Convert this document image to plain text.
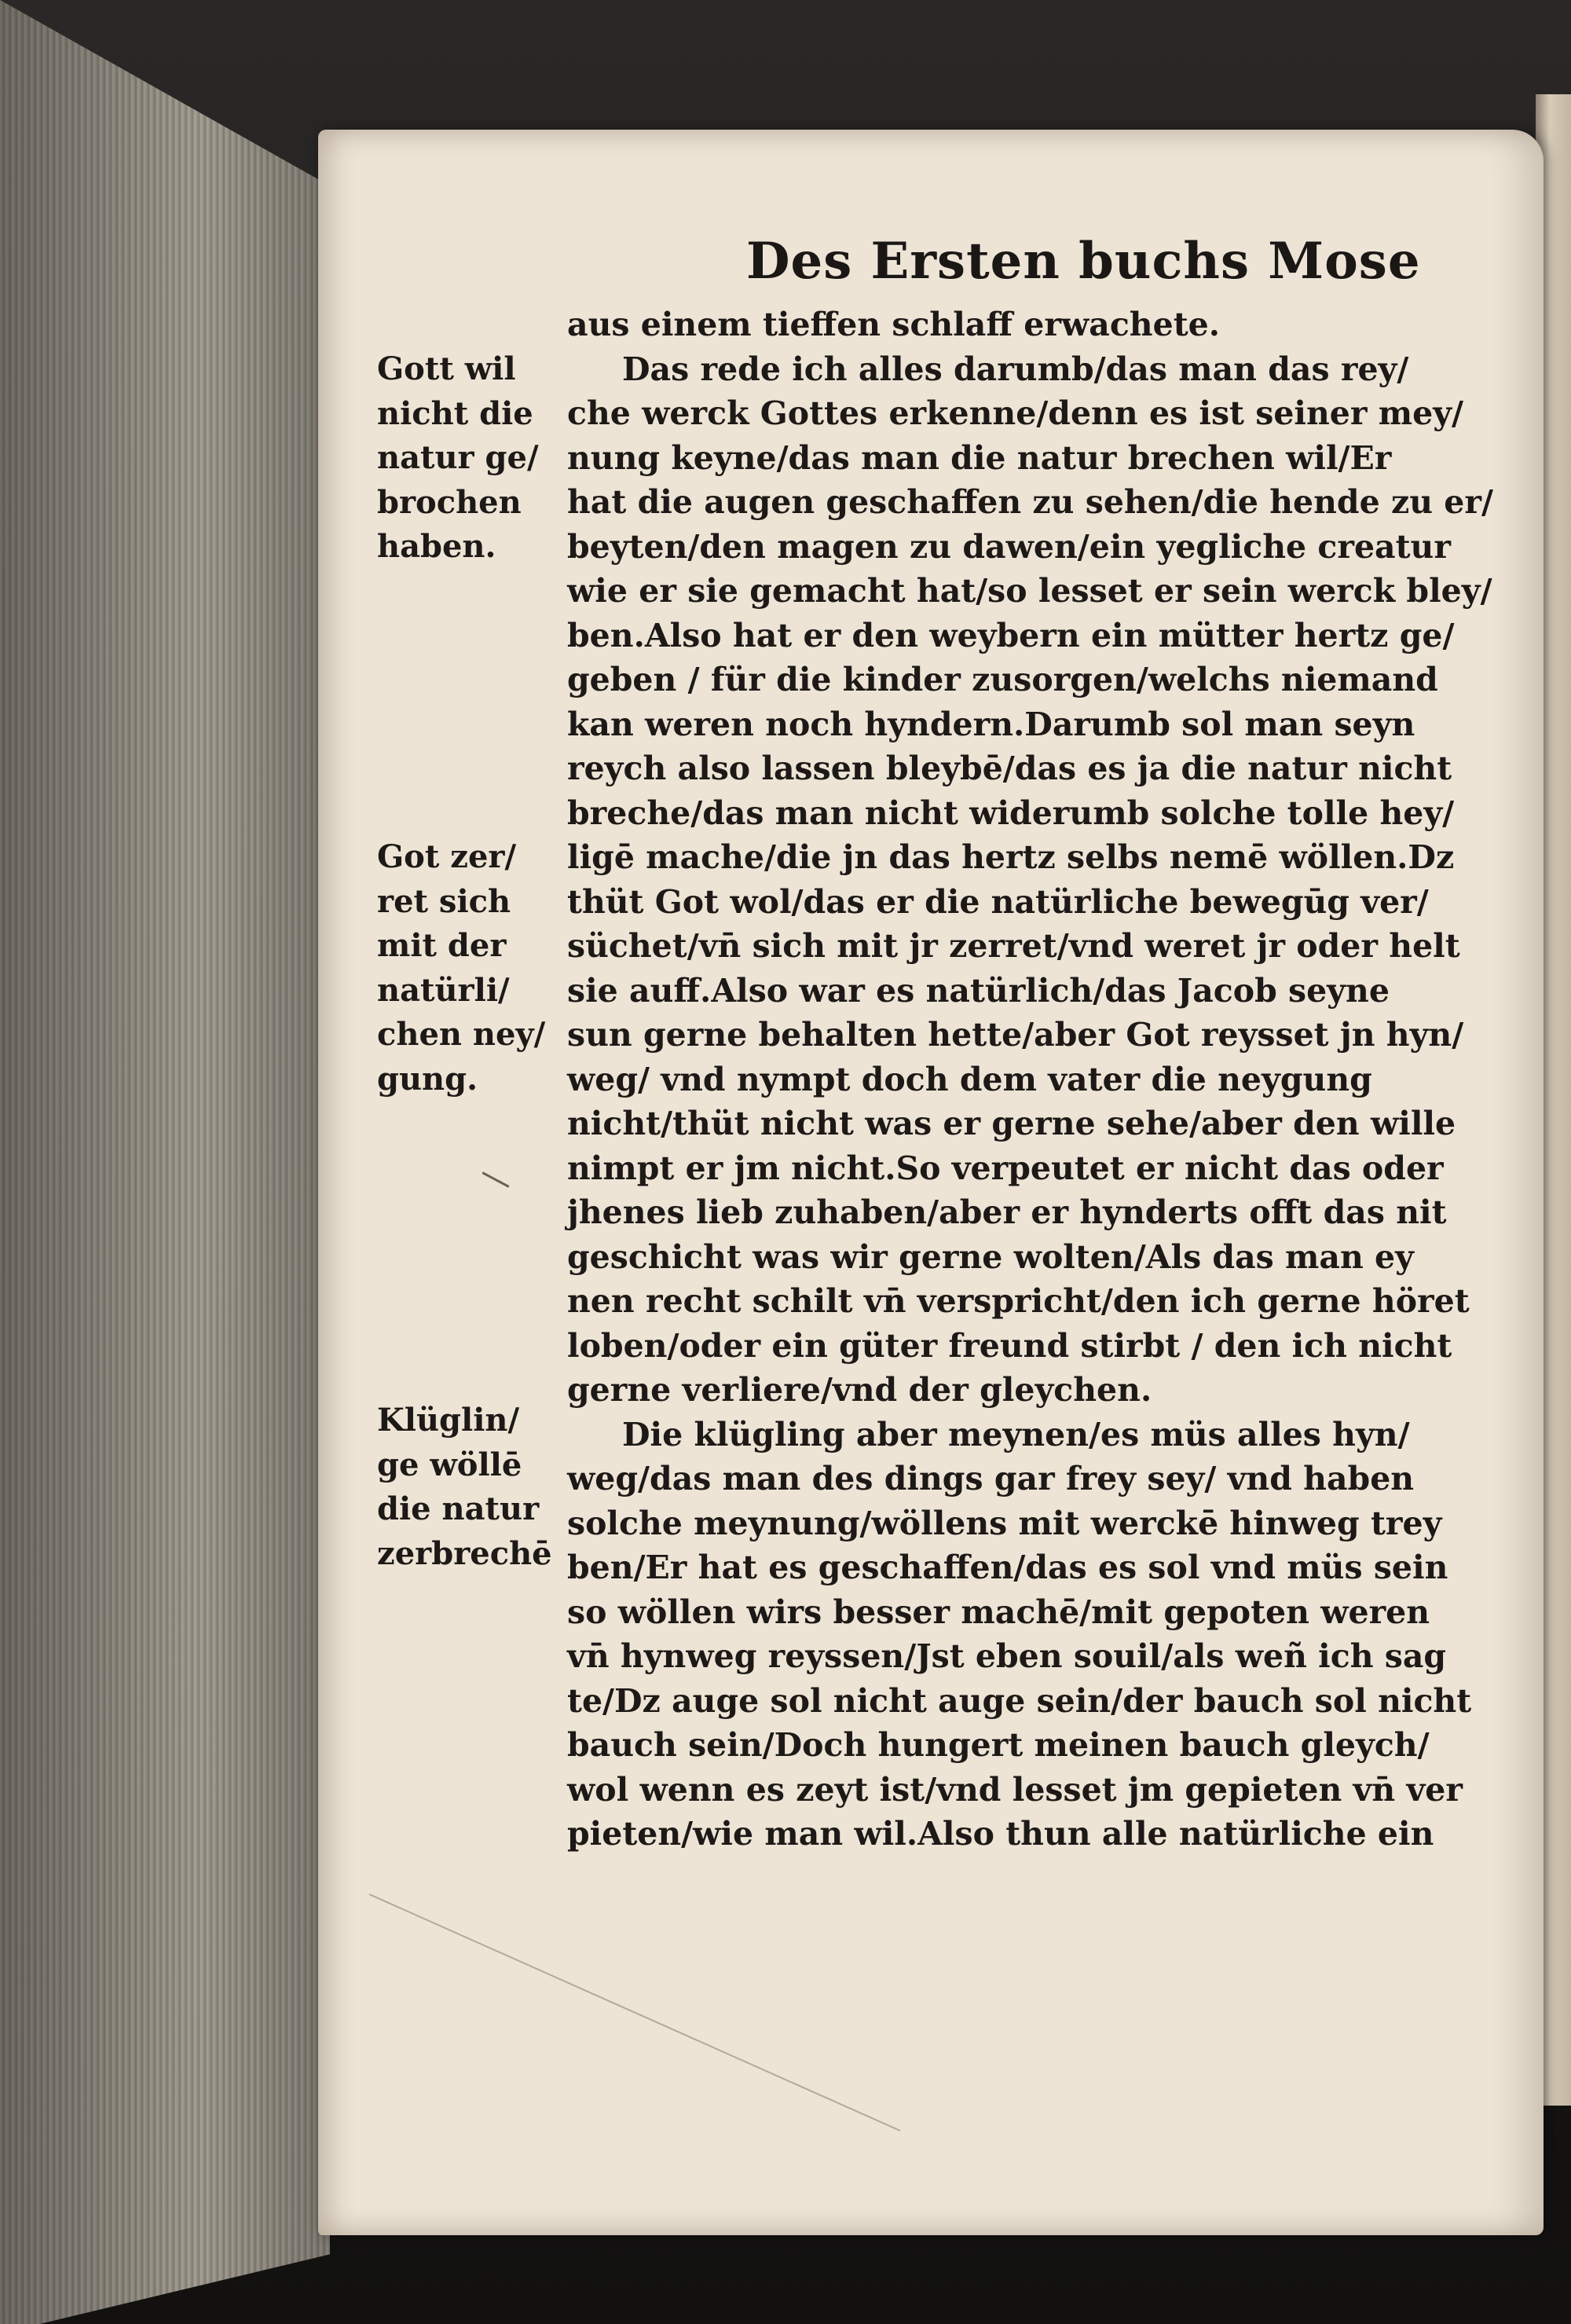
Des Ersten buchs Mose
aus einem tieffen schlaff erwachete.
Das rede ich alles darumb/das man das rey/
che werck Gottes erkenne/denn es ist seiner mey/
nung keyne/das man die natur brechen wil/Er
hat die augen geschaffen zu sehen/die hende zu er/
beyten/den magen zu dawen/ein yegliche creatur
wie er sie gemacht hat/so lesset er sein werck bley/
ben.Also hat er den weybern ein mütter hertz ge/
geben / für die kinder zusorgen/welchs niemand
kan weren noch hyndern.Darumb sol man seyn
reych also lassen bleybē/das es ja die natur nicht
breche/das man nicht widerumb solche tolle hey/
ligē mache/die jn das hertz selbs nemē wöllen.Dz
thüt Got wol/das er die natürliche bewegūg ver/
süchet/vn̄ sich mit jr zerret/vnd weret jr oder helt
sie auff.Also war es natürlich/das Jacob seyne
sun gerne behalten hette/aber Got reysset jn hyn/
weg/ vnd nympt doch dem vater die neygung
nicht/thüt nicht was er gerne sehe/aber den wille
nimpt er jm nicht.So verpeutet er nicht das oder
jhenes lieb zuhaben/aber er hynderts offt das nit
geschicht was wir gerne wolten/Als das man ey
nen recht schilt vn̄ verspricht/den ich gerne höret
loben/oder ein güter freund stirbt / den ich nicht
gerne verliere/vnd der gleychen.
Die klügling aber meynen/es müs alles hyn/
weg/das man des dings gar frey sey/ vnd haben
solche meynung/wöllens mit werckē hinweg trey
ben/Er hat es geschaffen/das es sol vnd müs sein
so wöllen wirs besser machē/mit gepoten weren
vn̄ hynweg reyssen/Jst eben souil/als weñ ich sag
te/Dz auge sol nicht auge sein/der bauch sol nicht
bauch sein/Doch hungert meinen bauch gleych/
wol wenn es zeyt ist/vnd lesset jm gepieten vn̄ ver
pieten/wie man wil.Also thun alle natürliche ein
Gott wil
nicht die
natur ge/
brochen
haben.
Got zer/
ret sich
mit der
natürli/
chen ney/
gung.
Klüglin/
ge wöllē
die natur
zerbrechē
